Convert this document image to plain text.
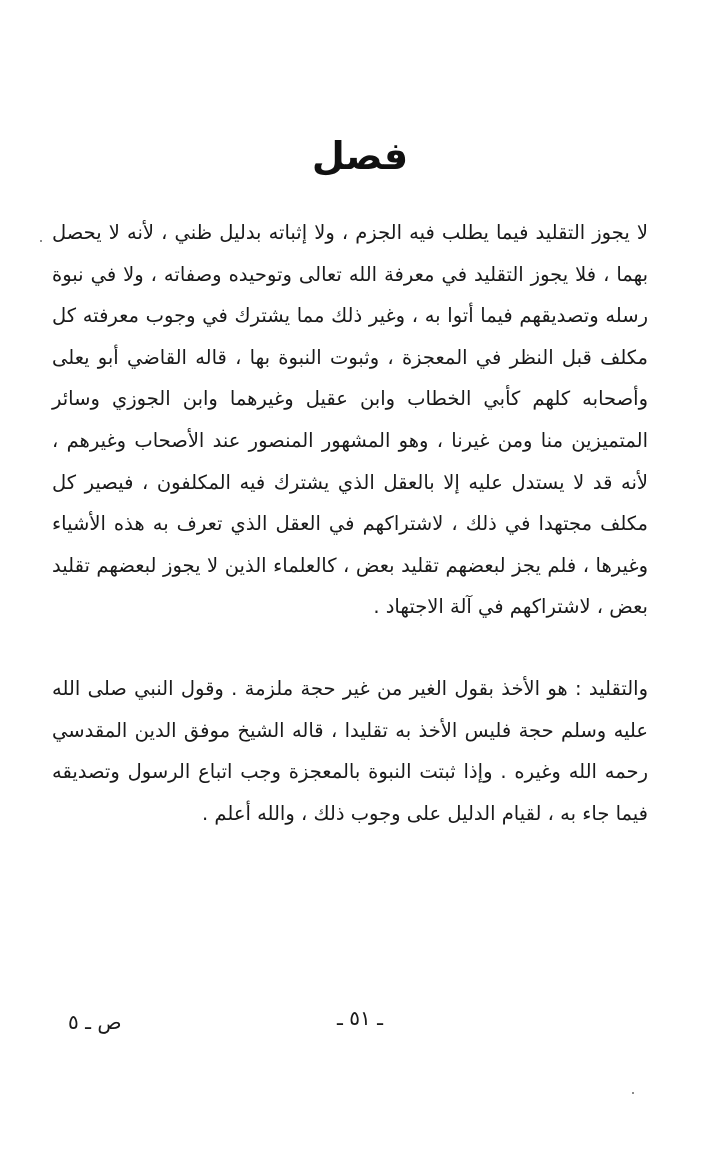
فصل

لا يجوز التقليد فيما يطلب فيه الجزم ، ولا إثباته بدليل ظني ، لأنه لا يحصل بهما ، فلا يجوز التقليد في معرفة الله تعالى وتوحيده وصفاته ، ولا في نبوة رسله وتصديقهم فيما أتوا به ، وغير ذلك مما يشترك في وجوب معرفته كل مكلف قبل النظر في المعجزة ، وثبوت النبوة بها ، قاله القاضي أبو يعلى وأصحابه كلهم كأبي الخطاب وابن عقيل وغيرهما وابن الجوزي وسائر المتميزين منا ومن غيرنا ، وهو المشهور المنصور عند الأصحاب وغيرهم ، لأنه قد لا يستدل عليه إلا بالعقل الذي يشترك فيه المكلفون ، فيصير كل مكلف مجتهدا في ذلك ، لاشتراكهم في العقل الذي تعرف به هذه الأشياء وغيرها ، فلم يجز لبعضهم تقليد بعض ، كالعلماء الذين لا يجوز لبعضهم تقليد بعض ، لاشتراكهم في آلة الاجتهاد .

والتقليد : هو الأخذ بقول الغير من غير حجة ملزمة . وقول النبي صلى الله عليه وسلم حجة فليس الأخذ به تقليدا ، قاله الشيخ موفق الدين المقدسي رحمه الله وغيره . وإذا ثبتت النبوة بالمعجزة وجب اتباع الرسول وتصديقه فيما جاء به ، لقيام الدليل على وجوب ذلك ، والله أعلم .

ـ ٥١ ـ
ص ـ ٥
